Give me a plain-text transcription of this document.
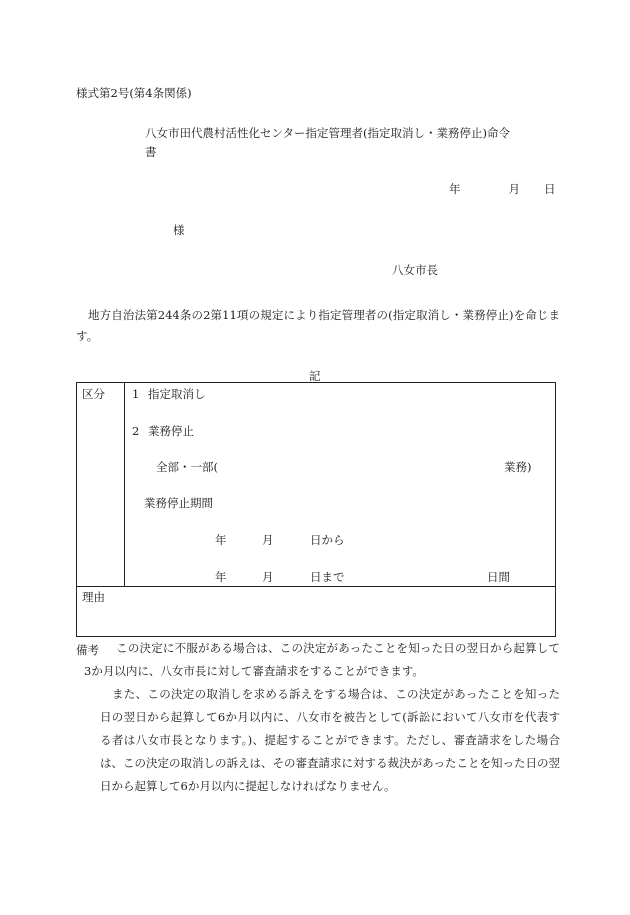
様式第2号(第4条関係)
八女市田代農村活性化センター指定管理者(指定取消し・業務停止)命令書
年	月 日
様
八女市長
地方自治法第244条の2第11項の規定により指定管理者の(指定取消し・業務停止)を命じます。
記
区分 1 指定取消し
2 業務停止
全部・一部(	業務)
業務停止期間
年	月	日から
年	月	日まで	日間
理由
備考	この決定に不服がある場合は、この決定があったことを知った日の翌日から起算して3か月以内に、八女市長に対して審査請求をすることができます。
また、この決定の取消しを求める訴えをする場合は、この決定があったことを知った日の翌日から起算して6か月以内に、八女市を被告として(訴訟において八女市を代表する者は八女市長となります。)、提起することができます。ただし、審査請求をした場合は、この決定の取消しの訴えは、その審査請求に対する裁決があったことを知った日の翌日から起算して6か月以内に提起しなければなりません。
